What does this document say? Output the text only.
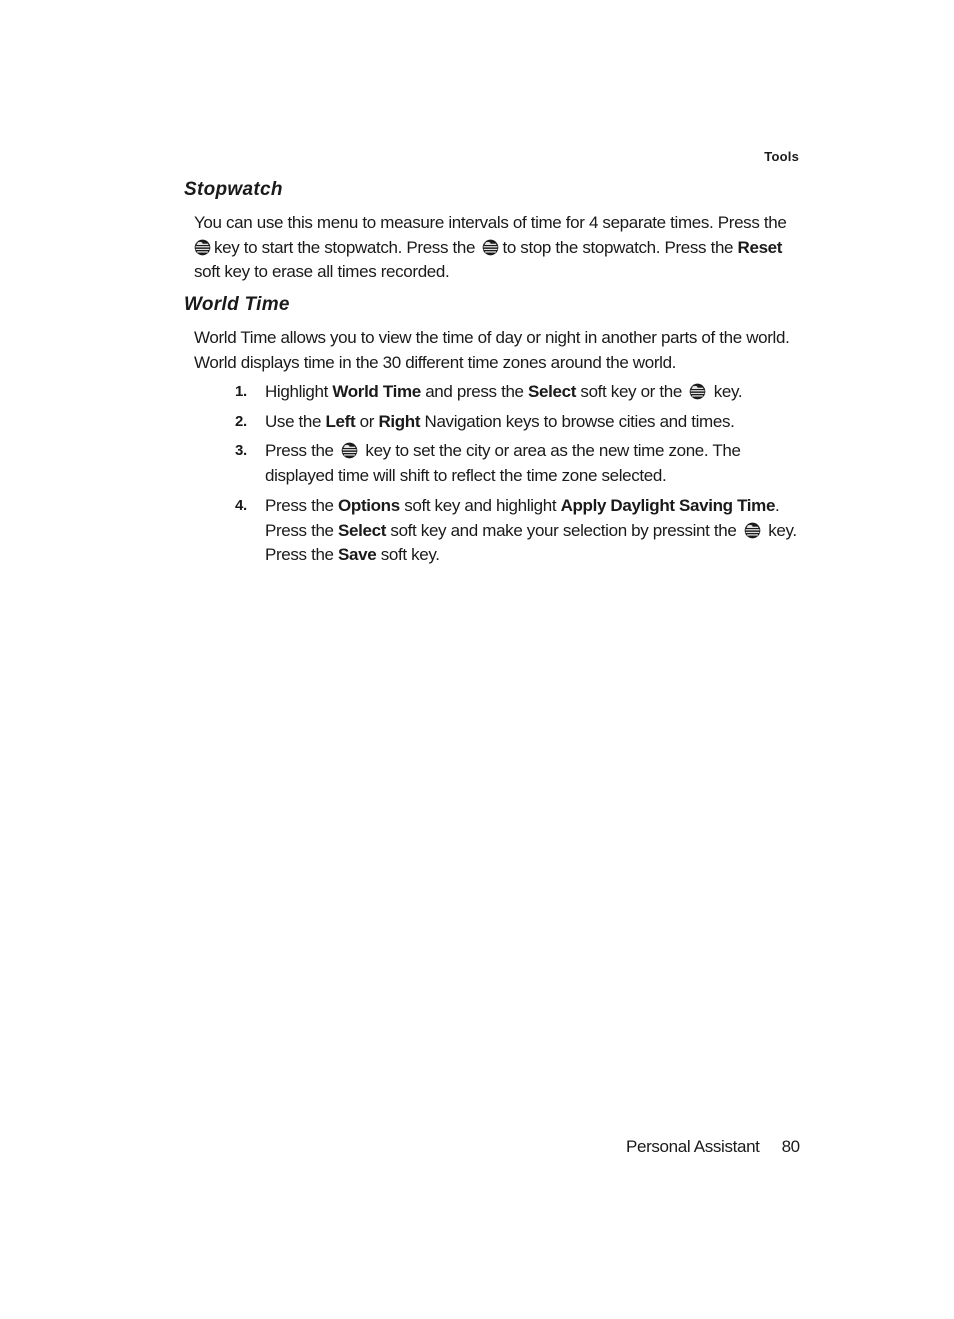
Tools
Stopwatch
You can use this menu to measure intervals of time for 4 separate times. Press the
key to start the stopwatch. Press the to stop the stopwatch. Press the Reset
soft key to erase all times recorded.
World Time

World Time allows you to view the time of day or night in another parts of the world. World displays time in the 30 different time zones around the world.

1. Highlight World Time and press the Select soft key or the key.
2. Use the Left or Right Navigation keys to browse cities and times.
3. Press the key to set the city or area as the new time zone. The displayed time will shift to reflect the time zone selected.
4. Press the Options soft key and highlight Apply Daylight Saving Time.
Press the Select soft key and make your selection by pressint the key.
Press the Save soft key.
Personal Assistant 80
